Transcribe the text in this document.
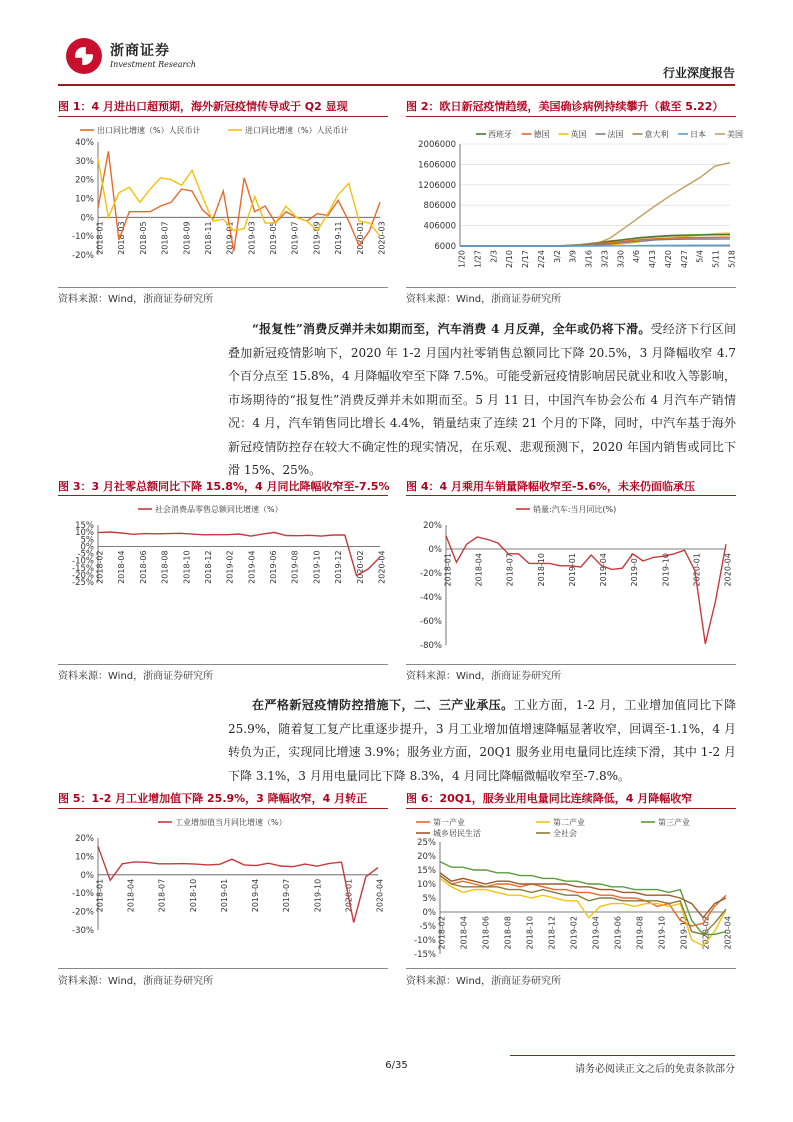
浙商证券
Investment Research
行业深度报告
图 1：4 月进出口超预期，海外新冠疫情传导或于 Q2 显现
40%
30%
20%
10%
0%
-10%
-20%
2018-01 2018-03 2018-05 2018-07 2018-09 2018-11 2019-01 2019-03 2019-05 2019-07 2019-09 2019-11 2020-01 2020-03
出口同比增速（%）人民币计	进口同比增速（%）人民币计
资料来源：Wind，浙商证券研究所
图 2：欧日新冠疫情趋缓，美国确诊病例持续攀升（截至 5.22）
2006000
1606000
1206000
806000
406000
6000
1/20 1/27 2/3 2/10 2/17 2/24 3/2 3/9 3/16 3/23 3/30 4/6 4/13 4/20 4/27 5/4 5/11 5/18
西班牙	德国	英国	法国	意大利	日本	美国
资料来源：Wind，浙商证券研究所
“报复性”消费反弹并未如期而至，汽车消费 4 月反弹，全年或仍将下滑。受经济下行区间叠加新冠疫情影响下，2020 年 1-2 月国内社零销售总额同比下降 20.5%，3 月降幅收窄 4.7 个百分点至 15.8%，4 月降幅收窄至下降 7.5%。可能受新冠疫情影响居民就业和收入等影响，市场期待的“报复性”消费反弹并未如期而至。5 月 11 日，中国汽车协会公布 4 月汽车产销情况：4 月，汽车销售同比增长 4.4%，销量结束了连续 21 个月的下降，同时，中汽车基于海外新冠疫情防控存在较大不确定性的现实情况，在乐观、悲观预测下，2020 年国内销售或同比下滑 15%、25%。
图 3：3 月社零总额同比下降 15.8%，4 月同比降幅收窄至-7.5%
15%
10%
5%
0%
-5%
-10%
-15%
-20%
-25% 2018-02 2018-04 2018-06 2018-08 2018-10 2018-12 2019-02 2019-04 2019-06 2019-08 2019-10 2019-12 2020-02 2020-04
社会消费品零售总额同比增速（%）
资料来源：Wind，浙商证券研究所
图 4：4 月乘用车销量降幅收窄至-5.6%，未来仍面临承压
20%
0%
-20%
-40%
-60%
-80%
2018-01	2018-04	2018-07	2018-10	2019-01	2019-04	2019-07	2019-10	2020-01	2020-04
销量:汽车:当月同比(%)
资料来源：Wind，浙商证券研究所
在严格新冠疫情防控措施下，二、三产业承压。工业方面，1-2 月，工业增加值同比下降 25.9%，随着复工复产比重逐步提升，3 月工业增加值增速降幅显著收窄，回调至-1.1%，4 月转负为正，实现同比增速 3.9%；服务业方面，20Q1 服务业用电量同比连续下滑，其中 1-2 月下降 3.1%，3 月用电量同比下降 8.3%，4 月同比降幅微幅收窄至-7.8%。
图 5：1-2 月工业增加值下降 25.9%，3 降幅收窄，4 月转正
20%
10%
0%
-10%
-20%
-30%
2018-01	2018-04	2018-07	2018-10	2019-01	2019-04	2019-07	2019-10	2020-01	2020-04
工业增加值当月同比增速（%）
资料来源：Wind，浙商证券研究所
图 6：20Q1，服务业用电量同比连续降低，4 月降幅收窄
25%
20%
15%
10%
5%
0%
-5%
-10%
-15%
2018-02 2018-04 2018-06 2018-08 2018-10 2018-12 2019-02 2019-04 2019-06 2019-08 2019-10 2019-12 2020-02 2020-04
第一产业	第二产业	第三产业
城乡居民生活	全社会
资料来源：Wind，浙商证券研究所
6/35	请务必阅读正文之后的免责条款部分
